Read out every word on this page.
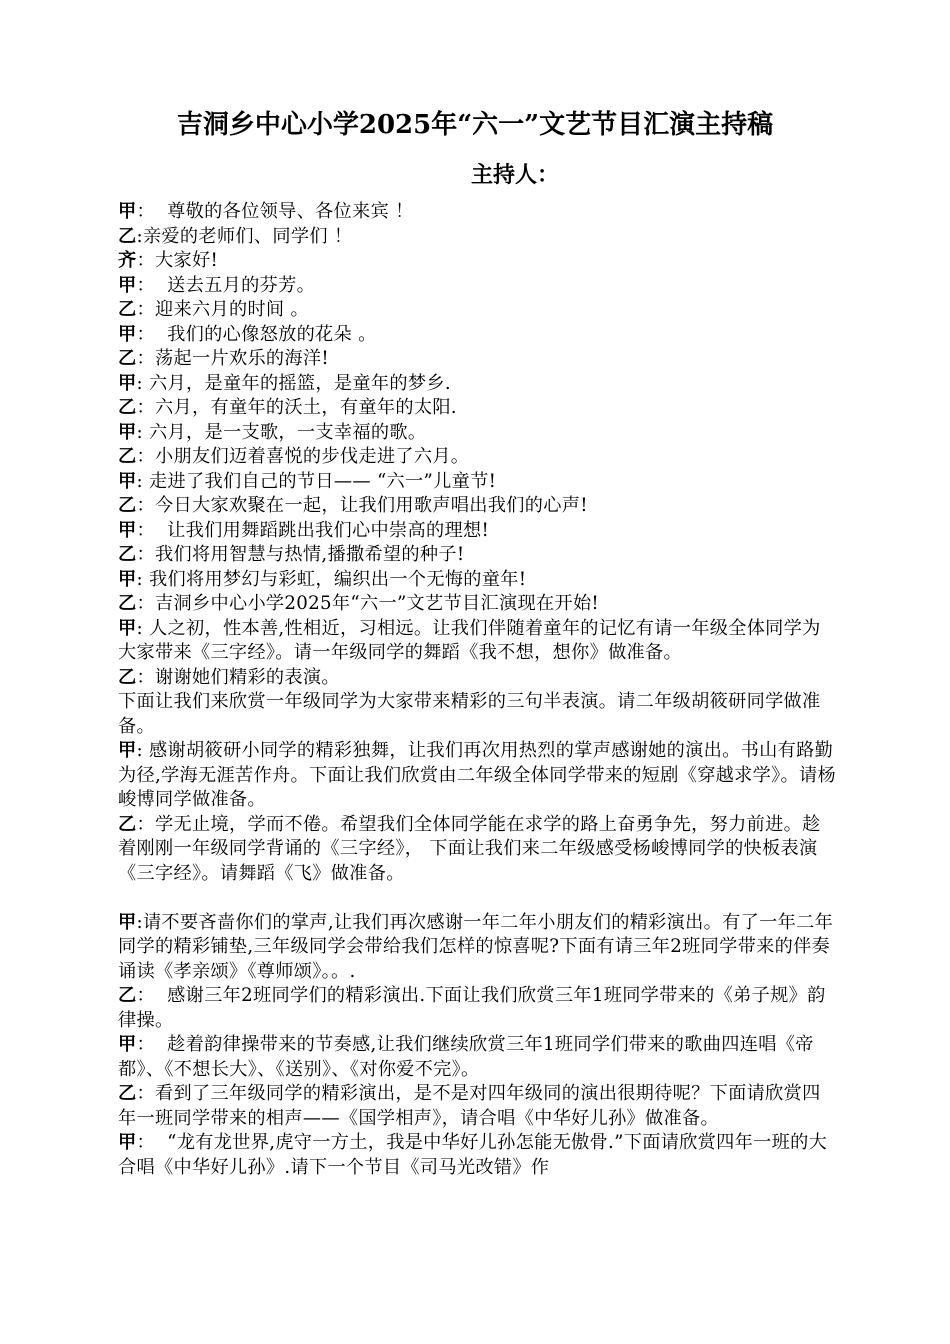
吉洞乡中心小学2025年“六一”文艺节目汇演主持稿
主持人：

甲：  尊敬的各位领导、各位来宾 ！

乙:亲爱的老师们、同学们 ！

齐：大家好!

甲：  送去五月的芬芳。

乙：迎来六月的时间 。

甲：  我们的心像怒放的花朵 。

乙：荡起一片欢乐的海洋!

甲: 六月，是童年的摇篮，是童年的梦乡.

乙：六月，有童年的沃土，有童年的太阳.

甲: 六月，是一支歌，一支幸福的歌。

乙：小朋友们迈着喜悦的步伐走进了六月。

甲: 走进了我们自己的节日—— “六一”儿童节!

乙：今日大家欢聚在一起，让我们用歌声唱出我们的心声!

甲：  让我们用舞蹈跳出我们心中崇高的理想!

乙：我们将用智慧与热情,播撒希望的种子!

甲: 我们将用梦幻与彩虹，编织出一个无悔的童年!

乙：吉洞乡中心小学2025年“六一”文艺节目汇演现在开始!

甲: 人之初，性本善,性相近，习相远。让我们伴随着童年的记忆有请一年级全体同学为大家带来《三字经》。请一年级同学的舞蹈《我不想，想你》做准备。

乙：谢谢她们精彩的表演。

下面让我们来欣赏一年级同学为大家带来精彩的三句半表演。请二年级胡筱研同学做准备。

甲: 感谢胡筱研小同学的精彩独舞，让我们再次用热烈的掌声感谢她的演出。书山有路勤为径,学海无涯苦作舟。下面让我们欣赏由二年级全体同学带来的短剧《穿越求学》。请杨峻博同学做准备。

乙：学无止境，学而不倦。希望我们全体同学能在求学的路上奋勇争先，努力前进。趁着刚刚一年级同学背诵的《三字经》， 下面让我们来二年级感受杨峻博同学的快板表演《三字经》。请舞蹈《飞》做准备。

甲:请不要吝啬你们的掌声,让我们再次感谢一年二年小朋友们的精彩演出。有了一年二年同学的精彩铺垫,三年级同学会带给我们怎样的惊喜呢?下面有请三年2班同学带来的伴奏诵读《孝亲颂》《尊师颂》。。.

乙：  感谢三年2班同学们的精彩演出.下面让我们欣赏三年1班同学带来的《弟子规》韵律操。

甲：  趁着韵律操带来的节奏感,让我们继续欣赏三年1班同学们带来的歌曲四连唱《帝都》、《不想长大》、《送别》、《对你爱不完》。

乙：看到了三年级同学的精彩演出，是不是对四年级同的演出很期待呢？下面请欣赏四年一班同学带来的相声——《国学相声》，请合唱《中华好儿孙》做准备。

甲：  “龙有龙世界,虎守一方土，我是中华好儿孙怎能无傲骨.”下面请欣赏四年一班的大合唱《中华好儿孙》.请下一个节目《司马光改错》作
